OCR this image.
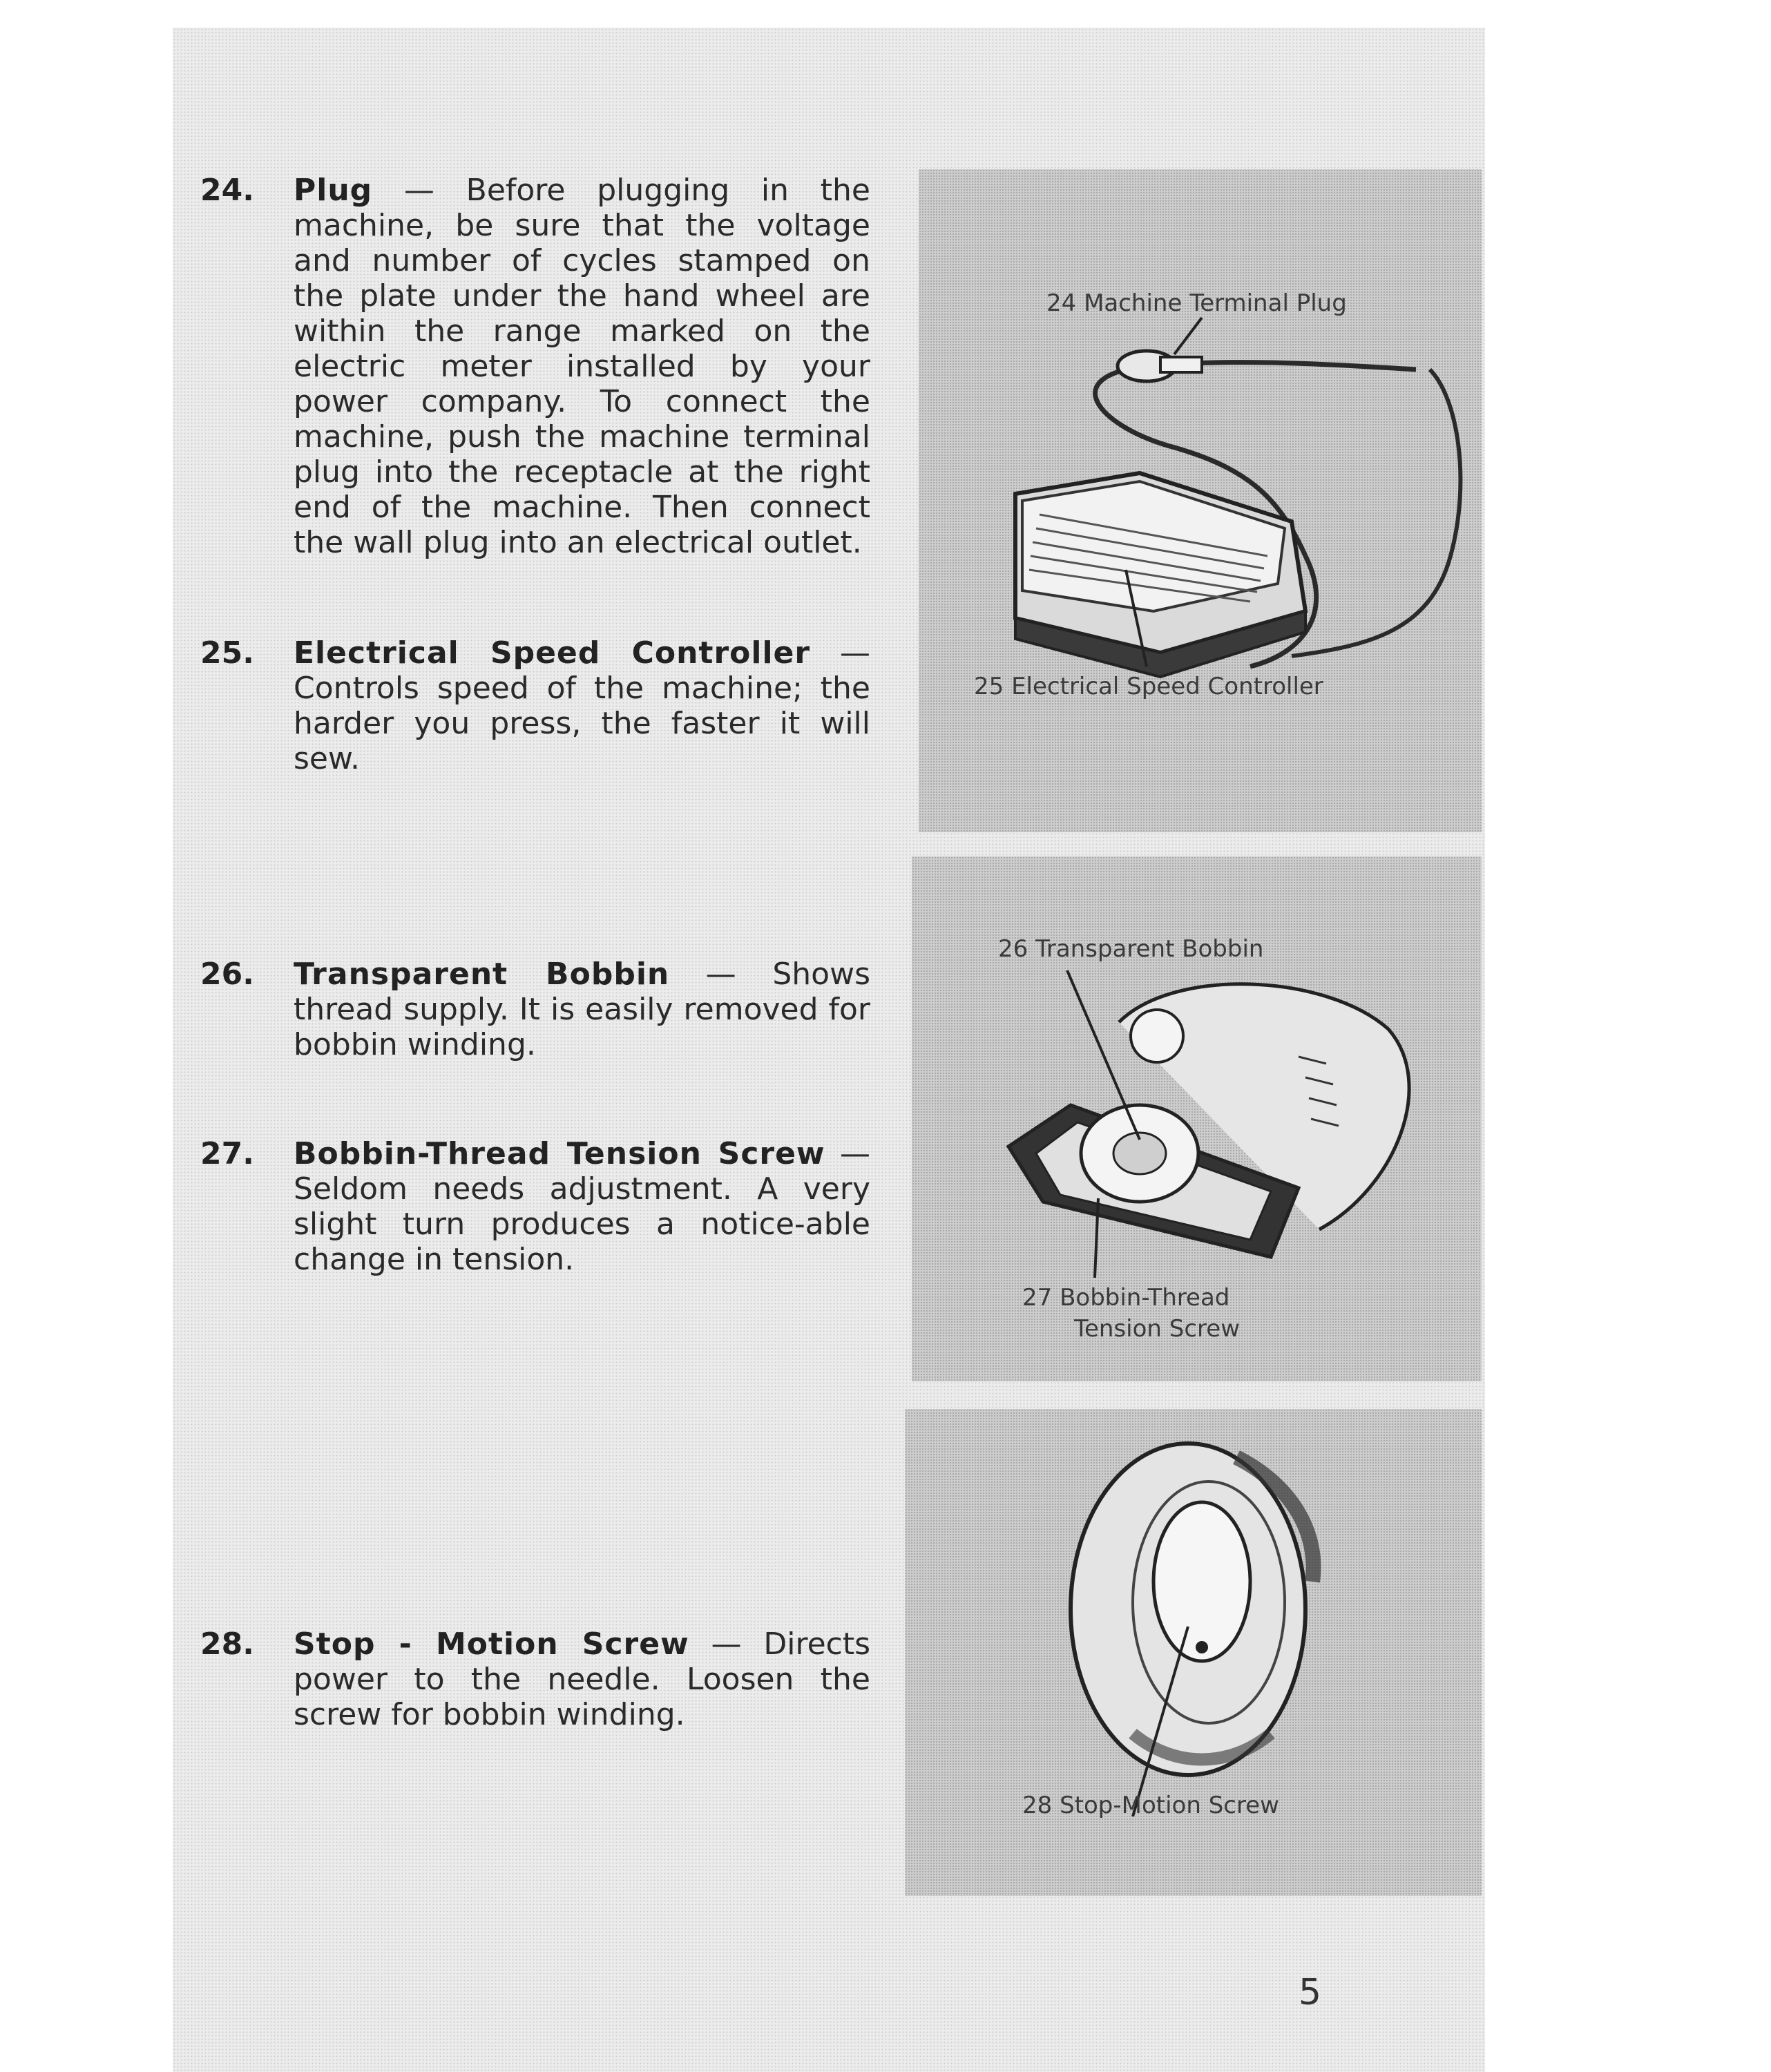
24.	Plug — Before plugging in the machine, be sure that the voltage and number of cycles stamped on the plate under the hand wheel are within the range marked on the electric meter installed by your power company. To connect the machine, push the machine terminal plug into the receptacle at the right end of the machine. Then connect the wall plug into an electrical outlet.
25.	Electrical Speed Controller — Controls speed of the machine; the harder you press, the faster it will sew.
26.	Transparent Bobbin — Shows thread supply. It is easily removed for bobbin winding.
27.	Bobbin-Thread Tension Screw — Seldom needs adjustment. A very slight turn produces a notice-able change in tension.
28.	Stop - Motion Screw — Directs power to the needle. Loosen the screw for bobbin winding.
24 Machine Terminal Plug
25 Electrical Speed Controller
26 Transparent Bobbin
27 Bobbin-Thread
Tension Screw
28 Stop-Motion Screw
5
